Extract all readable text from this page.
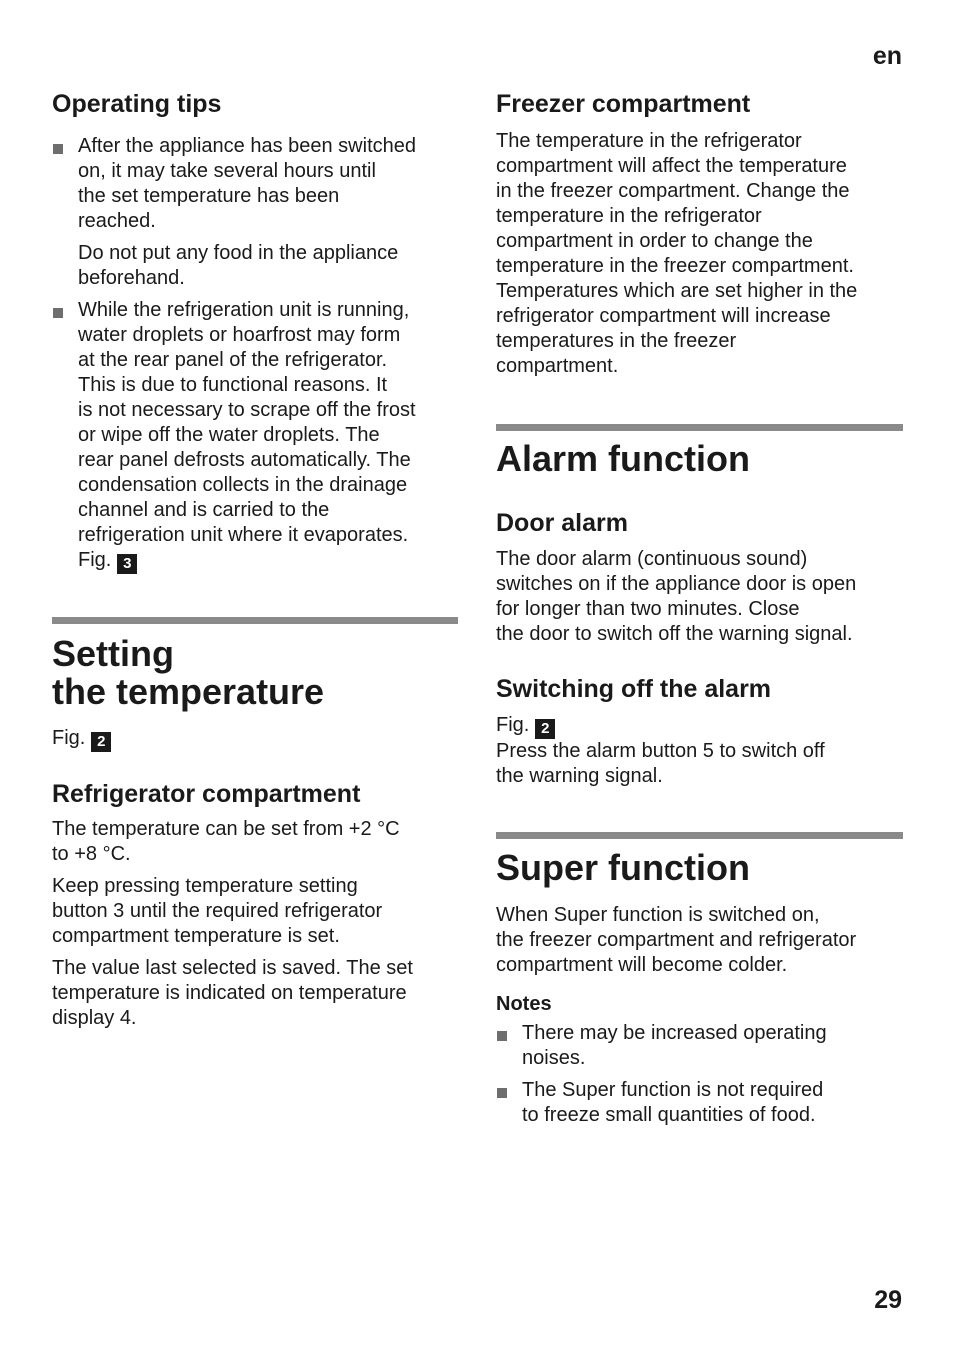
en
Operating tips

After the appliance has been switched

on, it may take several hours until

the set temperature has been

reached.

Do not put any food in the appliance

beforehand.

While the refrigeration unit is running,

water droplets or hoarfrost may form

at the rear panel of the refrigerator.

This is due to functional reasons. It

is not necessary to scrape off the frost

or wipe off the water droplets. The

rear panel defrosts automatically. The

condensation collects in the drainage

channel and is carried to the

refrigeration unit where it evaporates.

Fig. 3

Setting
the temperature

Fig. 2

Refrigerator compartment

The temperature can be set from +2 °C

to +8 °C.

Keep pressing temperature setting

button 3 until the required refrigerator

compartment temperature is set.

The value last selected is saved. The set

temperature is indicated on temperature

display 4.

Freezer compartment

The temperature in the refrigerator

compartment will affect the temperature

in the freezer compartment. Change the

temperature in the refrigerator

compartment in order to change the

temperature in the freezer compartment.

Temperatures which are set higher in the

refrigerator compartment will increase

temperatures in the freezer

compartment.

Alarm function
Door alarm

The door alarm (continuous sound)

switches on if the appliance door is open

for longer than two minutes. Close

the door to switch off the warning signal.

Switching off the alarm

Fig. 2

Press the alarm button 5 to switch off

the warning signal.

Super function

When Super function is switched on,

the freezer compartment and refrigerator

compartment will become colder.

Notes

There may be increased operating

noises.

The Super function is not required

to freeze small quantities of food.

29
